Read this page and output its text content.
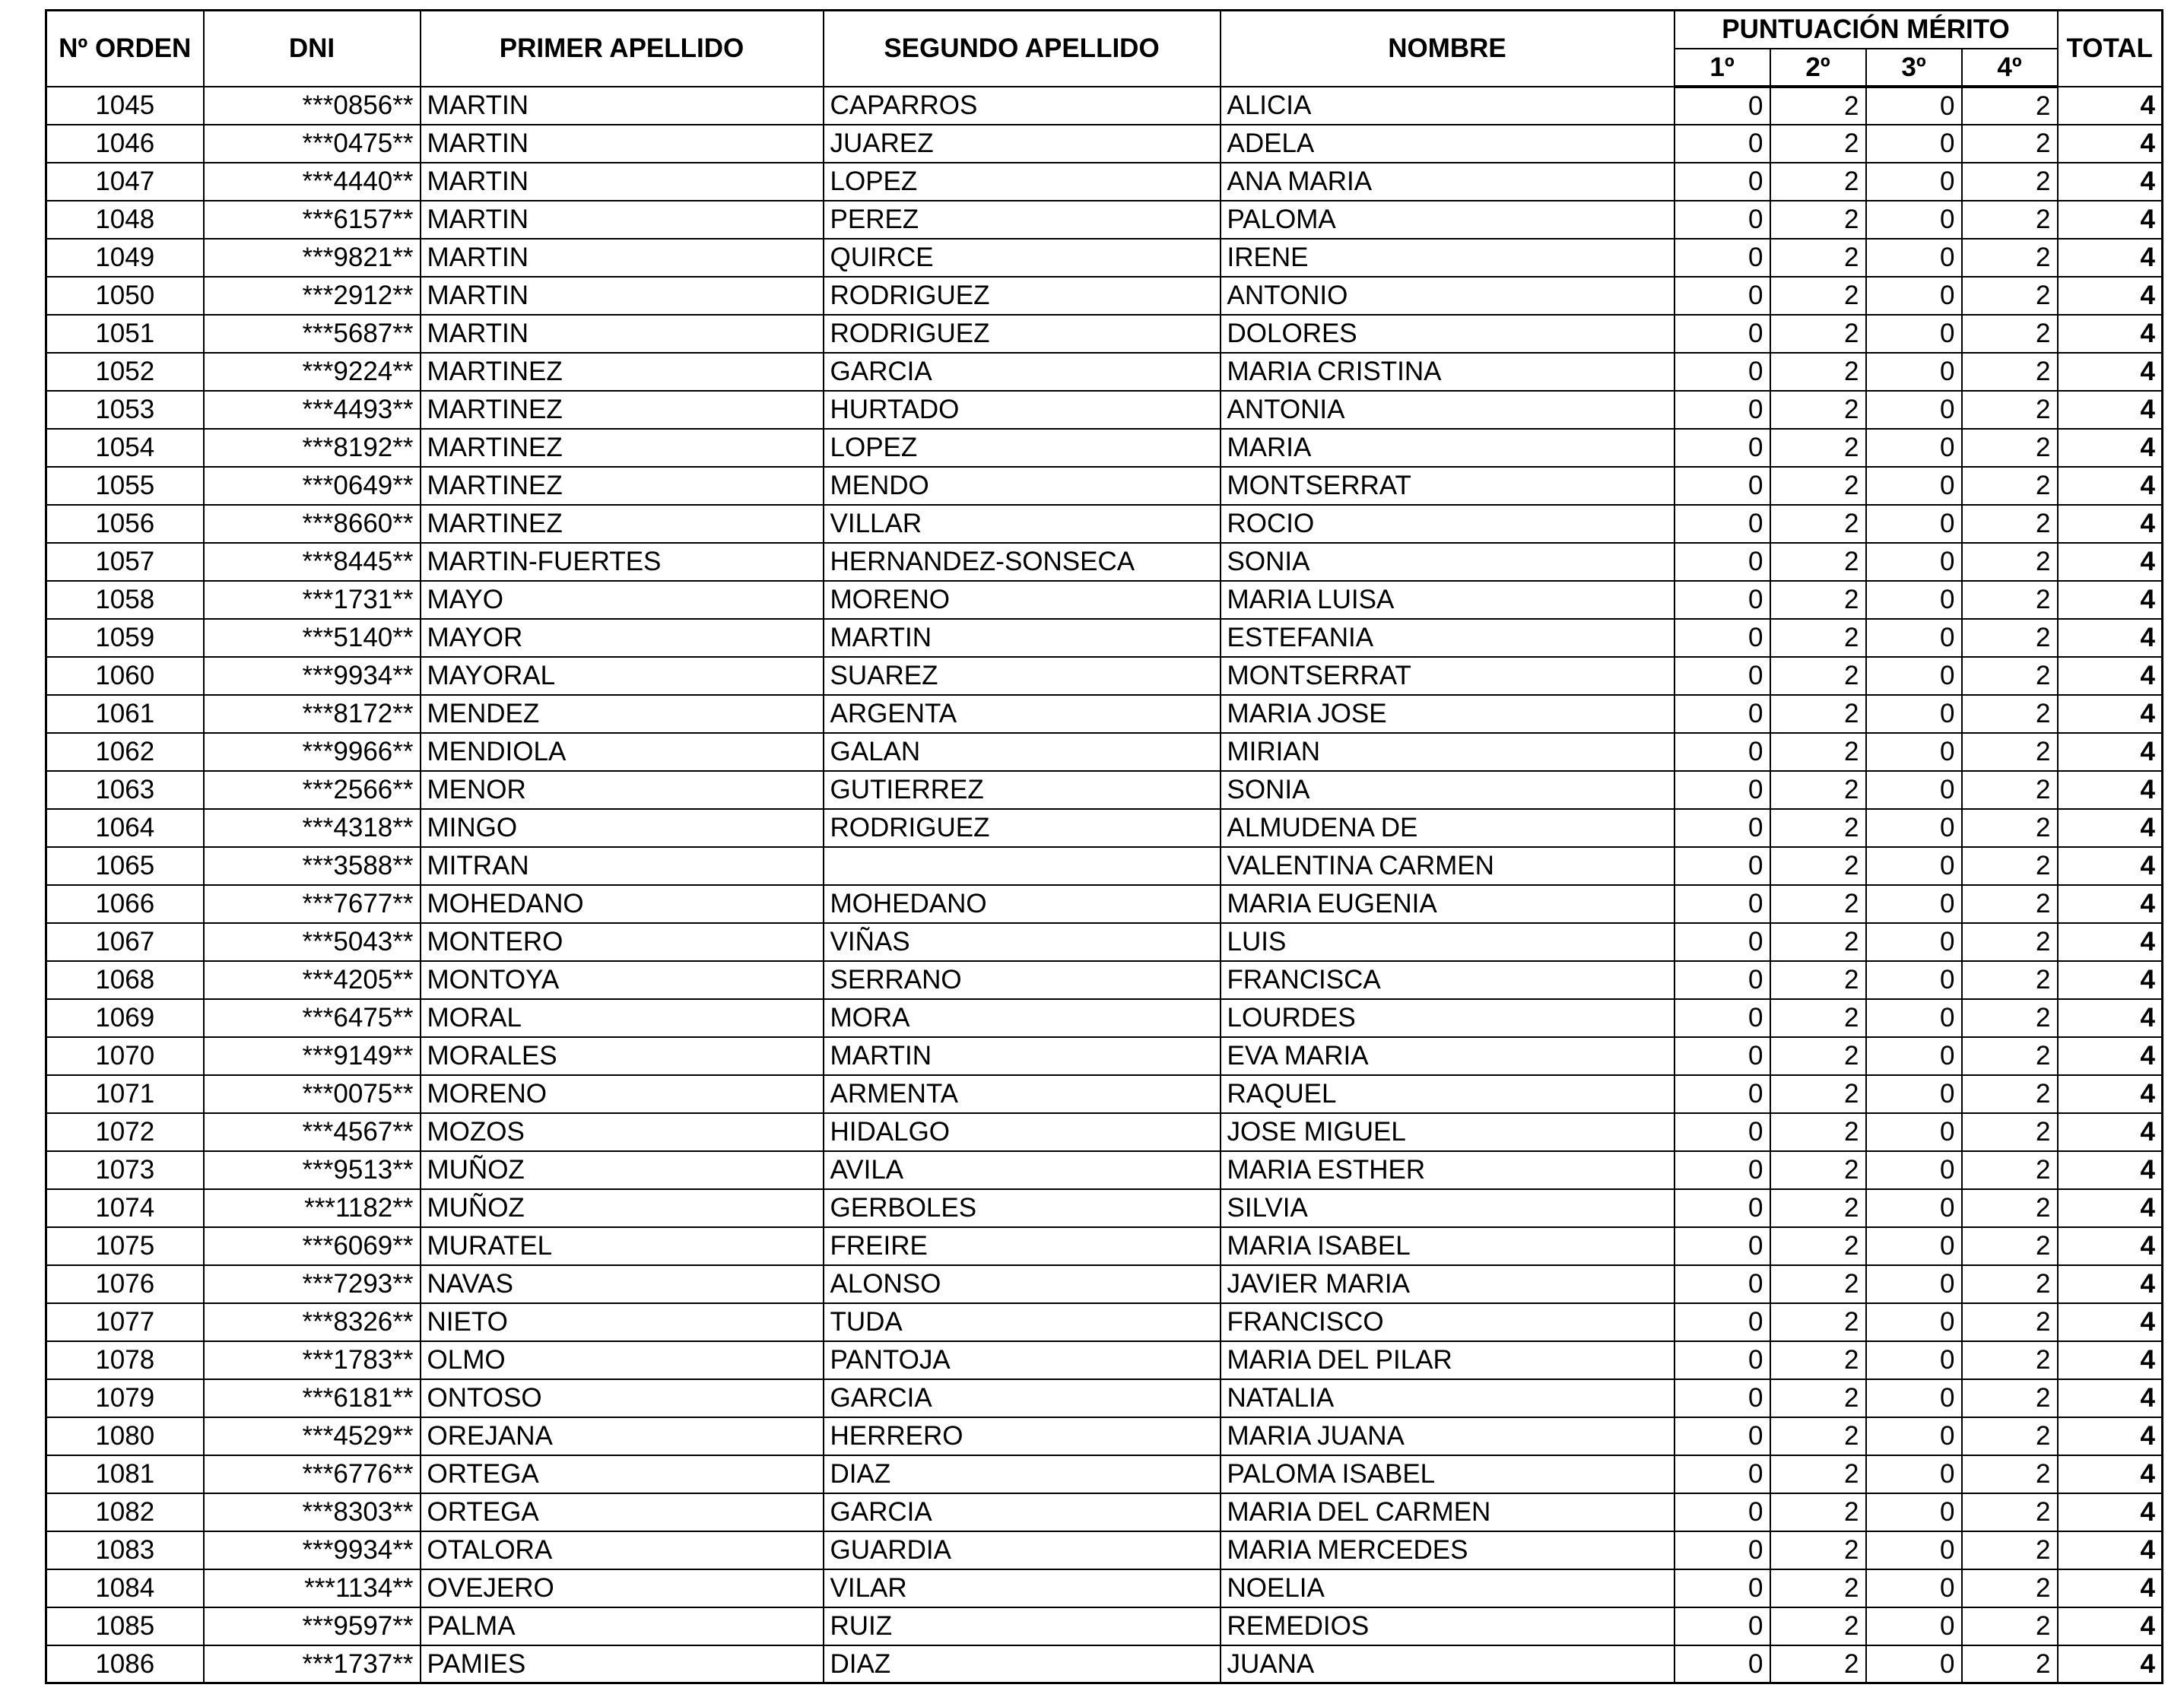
Nº ORDEN	DNI	PRIMER APELLIDO	SEGUNDO APELLIDO	NOMBRE	PUNTUACIÓN MÉRITO				TOTAL
					1º	2º	3º	4º	
1045	***0856**	MARTIN	CAPARROS	ALICIA	0	2	0	2	4
1046	***0475**	MARTIN	JUAREZ	ADELA	0	2	0	2	4
1047	***4440**	MARTIN	LOPEZ	ANA MARIA	0	2	0	2	4
1048	***6157**	MARTIN	PEREZ	PALOMA	0	2	0	2	4
1049	***9821**	MARTIN	QUIRCE	IRENE	0	2	0	2	4
1050	***2912**	MARTIN	RODRIGUEZ	ANTONIO	0	2	0	2	4
1051	***5687**	MARTIN	RODRIGUEZ	DOLORES	0	2	0	2	4
1052	***9224**	MARTINEZ	GARCIA	MARIA CRISTINA	0	2	0	2	4
1053	***4493**	MARTINEZ	HURTADO	ANTONIA	0	2	0	2	4
1054	***8192**	MARTINEZ	LOPEZ	MARIA	0	2	0	2	4
1055	***0649**	MARTINEZ	MENDO	MONTSERRAT	0	2	0	2	4
1056	***8660**	MARTINEZ	VILLAR	ROCIO	0	2	0	2	4
1057	***8445**	MARTIN-FUERTES	HERNANDEZ-SONSECA	SONIA	0	2	0	2	4
1058	***1731**	MAYO	MORENO	MARIA LUISA	0	2	0	2	4
1059	***5140**	MAYOR	MARTIN	ESTEFANIA	0	2	0	2	4
1060	***9934**	MAYORAL	SUAREZ	MONTSERRAT	0	2	0	2	4
1061	***8172**	MENDEZ	ARGENTA	MARIA JOSE	0	2	0	2	4
1062	***9966**	MENDIOLA	GALAN	MIRIAN	0	2	0	2	4
1063	***2566**	MENOR	GUTIERREZ	SONIA	0	2	0	2	4
1064	***4318**	MINGO	RODRIGUEZ	ALMUDENA DE	0	2	0	2	4
1065	***3588**	MITRAN		VALENTINA CARMEN	0	2	0	2	4
1066	***7677**	MOHEDANO	MOHEDANO	MARIA EUGENIA	0	2	0	2	4
1067	***5043**	MONTERO	VIÑAS	LUIS	0	2	0	2	4
1068	***4205**	MONTOYA	SERRANO	FRANCISCA	0	2	0	2	4
1069	***6475**	MORAL	MORA	LOURDES	0	2	0	2	4
1070	***9149**	MORALES	MARTIN	EVA MARIA	0	2	0	2	4
1071	***0075**	MORENO	ARMENTA	RAQUEL	0	2	0	2	4
1072	***4567**	MOZOS	HIDALGO	JOSE MIGUEL	0	2	0	2	4
1073	***9513**	MUÑOZ	AVILA	MARIA ESTHER	0	2	0	2	4
1074	***1182**	MUÑOZ	GERBOLES	SILVIA	0	2	0	2	4
1075	***6069**	MURATEL	FREIRE	MARIA ISABEL	0	2	0	2	4
1076	***7293**	NAVAS	ALONSO	JAVIER MARIA	0	2	0	2	4
1077	***8326**	NIETO	TUDA	FRANCISCO	0	2	0	2	4
1078	***1783**	OLMO	PANTOJA	MARIA DEL PILAR	0	2	0	2	4
1079	***6181**	ONTOSO	GARCIA	NATALIA	0	2	0	2	4
1080	***4529**	OREJANA	HERRERO	MARIA JUANA	0	2	0	2	4
1081	***6776**	ORTEGA	DIAZ	PALOMA ISABEL	0	2	0	2	4
1082	***8303**	ORTEGA	GARCIA	MARIA DEL CARMEN	0	2	0	2	4
1083	***9934**	OTALORA	GUARDIA	MARIA MERCEDES	0	2	0	2	4
1084	***1134**	OVEJERO	VILAR	NOELIA	0	2	0	2	4
1085	***9597**	PALMA	RUIZ	REMEDIOS	0	2	0	2	4
1086	***1737**	PAMIES	DIAZ	JUANA	0	2	0	2	4
